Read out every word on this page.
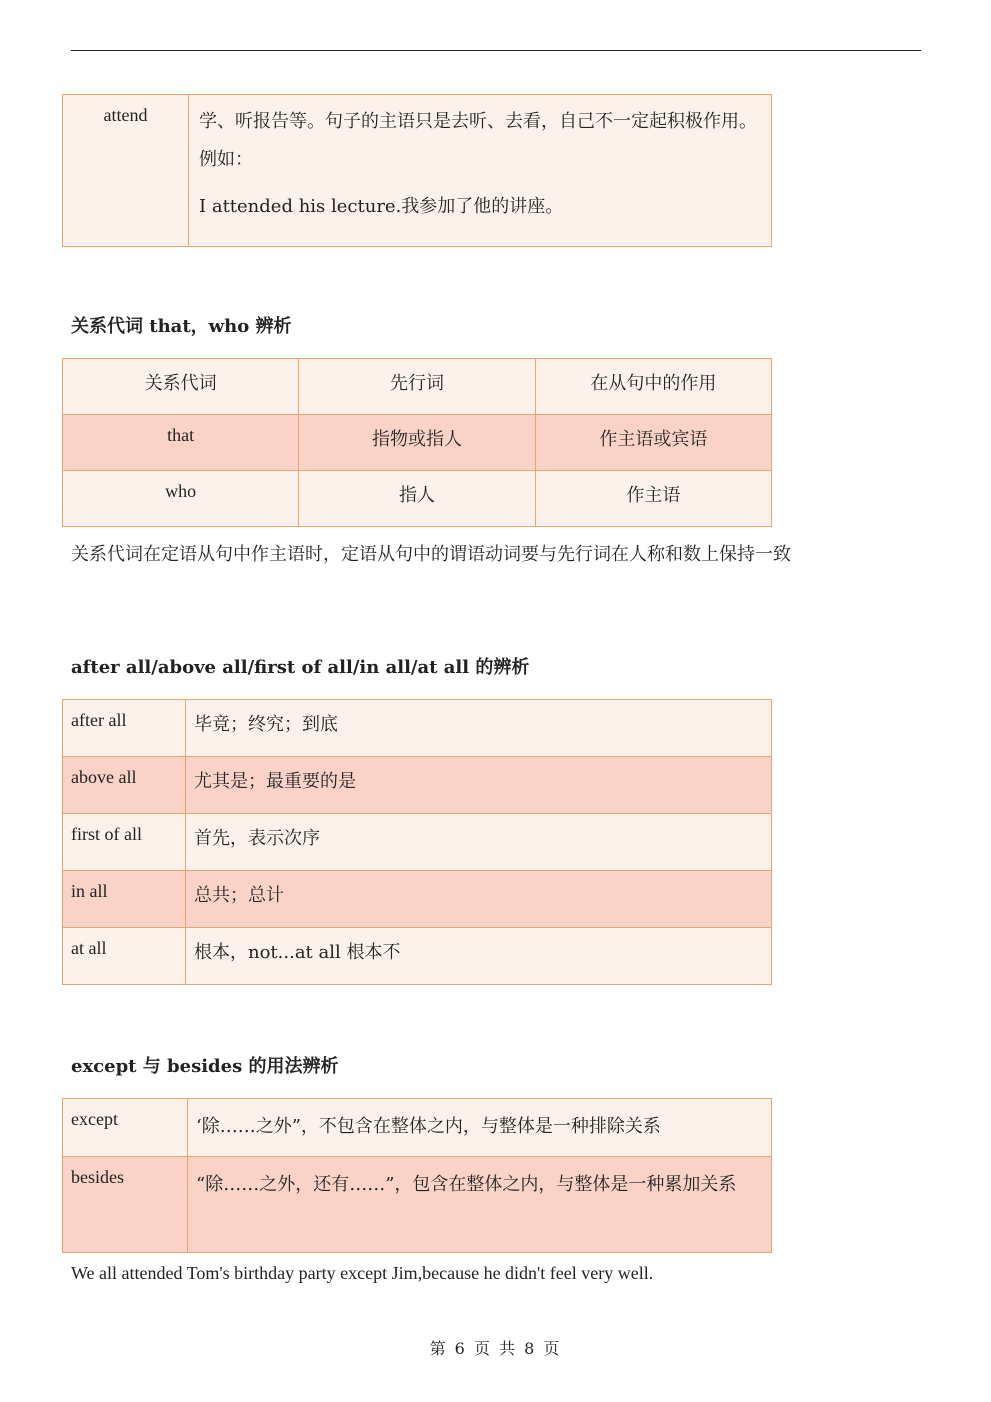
attend	学、听报告等。句子的主语只是去听、去看，自己不一定起积极作用。例如：
I attended his lecture.我参加了他的讲座。

关系代词 that，who 辨析

关系代词	先行词	在从句中的作用
that	指物或指人	作主语或宾语
who	指人	作主语

关系代词在定语从句中作主语时，定语从句中的谓语动词要与先行词在人称和数上保持一致

after all/above all/first of all/in all/at all 的辨析

after all	毕竟；终究；到底
above all	尤其是；最重要的是
first of all	首先，表示次序
in all	总共；总计
at all	根本，not...at all 根本不

except 与 besides 的用法辨析

except	‘除……之外”，不包含在整体之内，与整体是一种排除关系
besides	“除……之外，还有……”，包含在整体之内，与整体是一种累加关系

We all attended Tom's birthday party except Jim,because he didn't feel very well.

第 6 页 共 8 页
